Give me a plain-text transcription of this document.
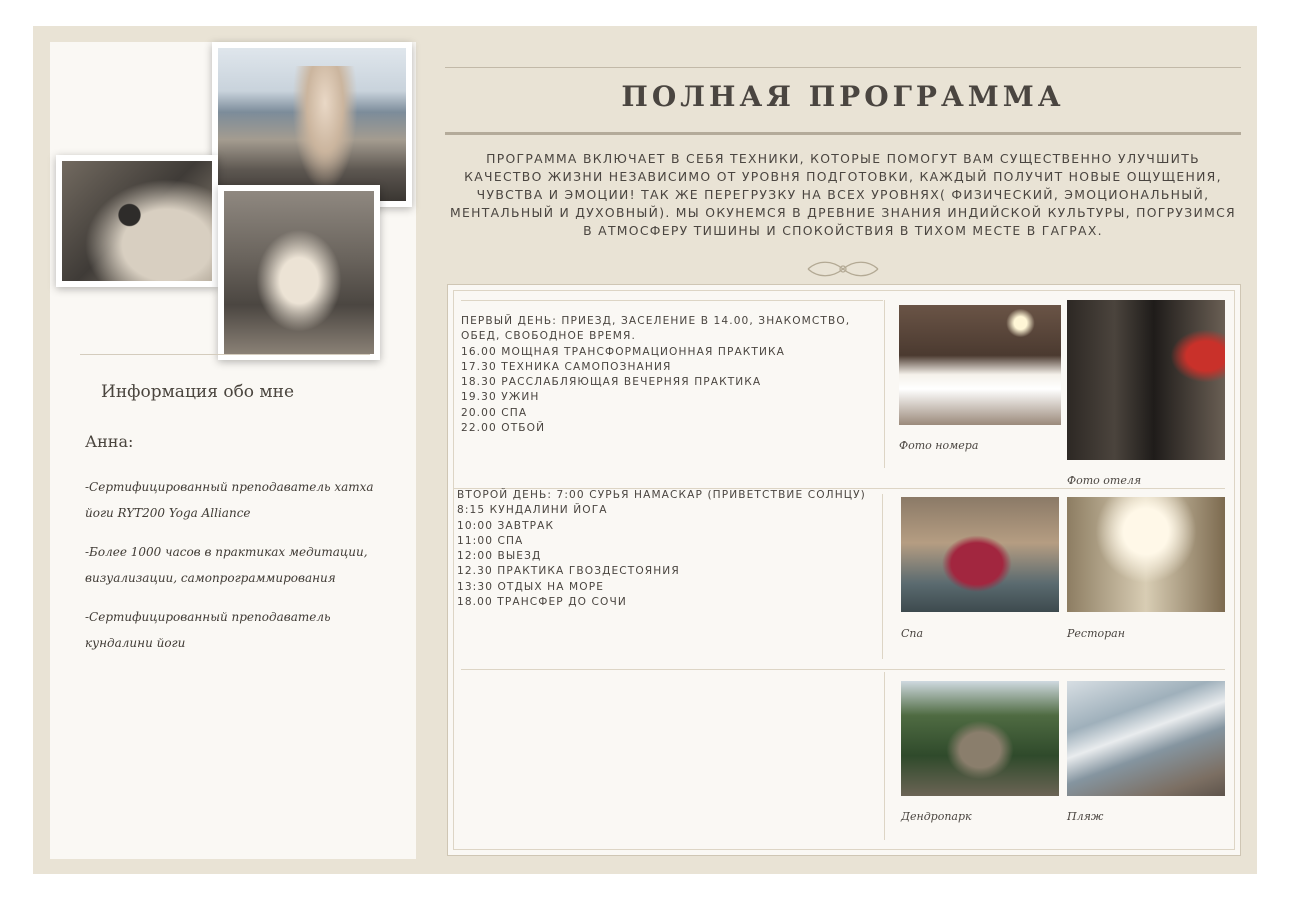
Информация обо мне
Анна:
-Сертифицированный преподаватель хатха йоги RYT200 Yoga Alliance
-Более 1000 часов в практиках медитации, визуализации, самопрограммирования
-Сертифицированный преподаватель кундалини йоги
ПОЛНАЯ ПРОГРАММА

ПРОГРАММА ВКЛЮЧАЕТ В СЕБЯ ТЕХНИКИ, КОТОРЫЕ ПОМОГУТ ВАМ СУЩЕСТВЕННО УЛУЧШИТЬ КАЧЕСТВО ЖИЗНИ НЕЗАВИСИМО ОТ УРОВНЯ ПОДГОТОВКИ, КАЖДЫЙ ПОЛУЧИТ НОВЫЕ ОЩУЩЕНИЯ, ЧУВСТВА И ЭМОЦИИ! ТАК ЖЕ ПЕРЕГРУЗКУ НА ВСЕХ УРОВНЯХ( ФИЗИЧЕСКИЙ, ЭМОЦИОНАЛЬНЫЙ, МЕНТАЛЬНЫЙ И ДУХОВНЫЙ). МЫ ОКУНЕМСЯ В ДРЕВНИЕ ЗНАНИЯ ИНДИЙСКОЙ КУЛЬТУРЫ, ПОГРУЗИМСЯ В АТМОСФЕРУ ТИШИНЫ И СПОКОЙСТВИЯ В ТИХОМ МЕСТЕ В ГАГРАХ.

ПЕРВЫЙ ДЕНЬ: ПРИЕЗД, ЗАСЕЛЕНИЕ В 14.00, ЗНАКОМСТВО, ОБЕД, СВОБОДНОЕ ВРЕМЯ.
16.00 МОЩНАЯ ТРАНСФОРМАЦИОННАЯ ПРАКТИКА
17.30 ТЕХНИКА САМОПОЗНАНИЯ
18.30 РАССЛАБЛЯЮЩАЯ ВЕЧЕРНЯЯ ПРАКТИКА
19.30 УЖИН
20.00 СПА
22.00 ОТБОЙ
ВТОРОЙ ДЕНЬ: 7:00 СУРЬЯ НАМАСКАР (ПРИВЕТСТВИЕ СОЛНЦУ)
8:15 КУНДАЛИНИ ЙОГА
10:00 ЗАВТРАК
11:00 СПА
12:00 ВЫЕЗД
12.30 ПРАКТИКА ГВОЗДЕСТОЯНИЯ
13:30 ОТДЫХ НА МОРЕ
18.00 ТРАНСФЕР ДО СОЧИ
Фото номера
Фото отеля
Спа	Ресторан
Дендропарк	Пляж
